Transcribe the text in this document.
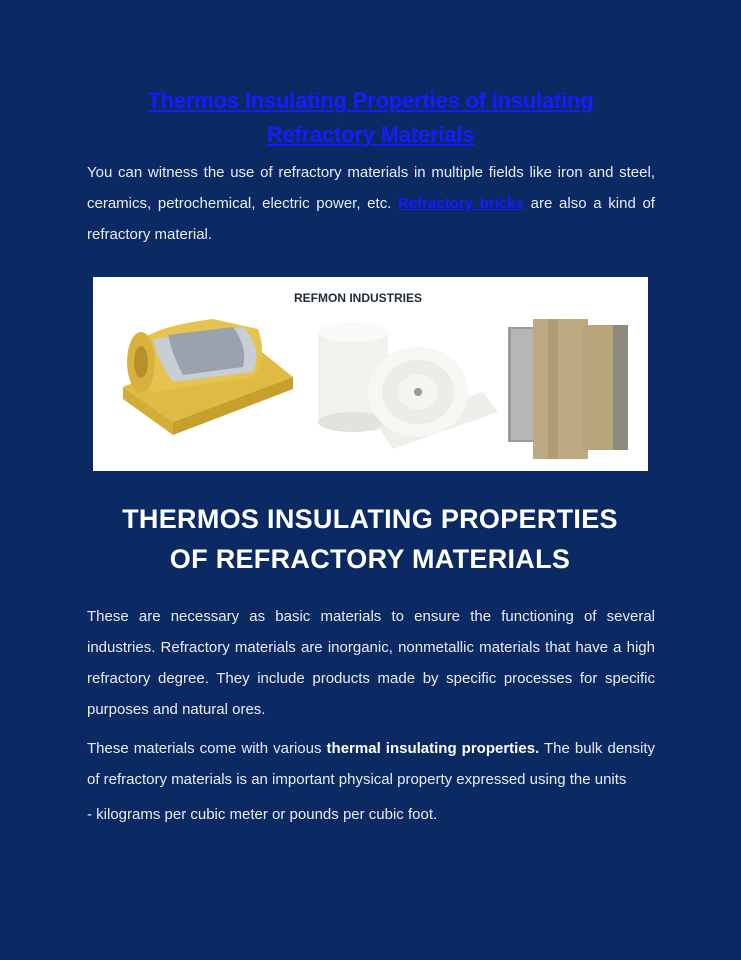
Thermos Insulating Properties of Insulating
Refractory Materials
You can witness the use of refractory materials in multiple fields like iron and steel, ceramics, petrochemical, electric power, etc. Refractory bricks are also a kind of refractory material.
REFMON INDUSTRIES
THERMOS INSULATING PROPERTIES
OF REFRACTORY MATERIALS
These are necessary as basic materials to ensure the functioning of several industries. Refractory materials are inorganic, nonmetallic materials that have a high refractory degree. They include products made by specific processes for specific purposes and natural ores.
These materials come with various thermal insulating properties. The bulk density of refractory materials is an important physical property expressed using the units
- kilograms per cubic meter or pounds per cubic foot.
